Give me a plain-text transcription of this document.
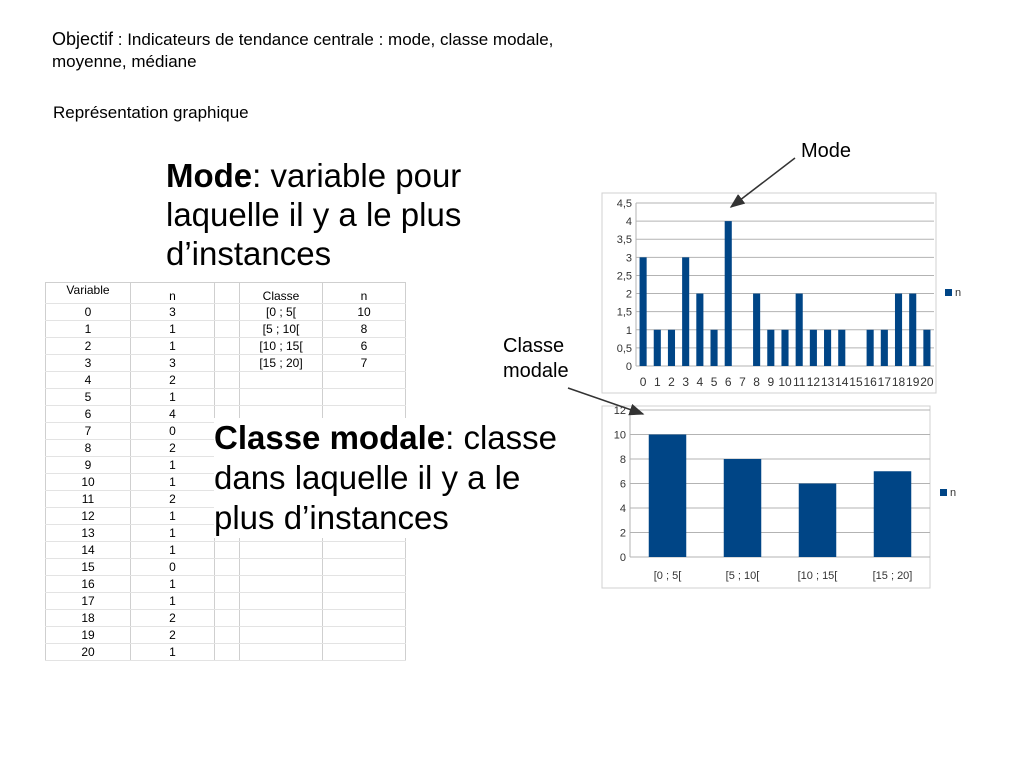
Objectif : Indicateurs de tendance centrale : mode, classe modale, moyenne, médiane
Représentation graphique
Variable	n		Classe	n
0	3		[0 ; 5[	10
1	1		[5 ; 10[	8
2	1		[10 ; 15[	6
3	3		[15 ; 20]	7
4	2			
5	1			
6	4			
7	0			
8	2			
9	1			
10	1			
11	2			
12	1			
13	1			
14	1			
15	0			
16	1			
17	1			
18	2			
19	2			
20	1			
Mode: variable pour laquelle il y a le plus d’instances
Classe modale: classe dans laquelle il y a le plus d’instances
Mode
Classe
modale	0
0,5
1
1,5
2
2,5
3
3,5
4
4,5
0 1 2 3 4 5 6 7 8 9 10 11 12 13 14 15 16 17 18 19 20
n
0
2
4
6
8
10
12
[0 ; 5[	[5 ; 10[	[10 ; 15[	[15 ; 20]
n
